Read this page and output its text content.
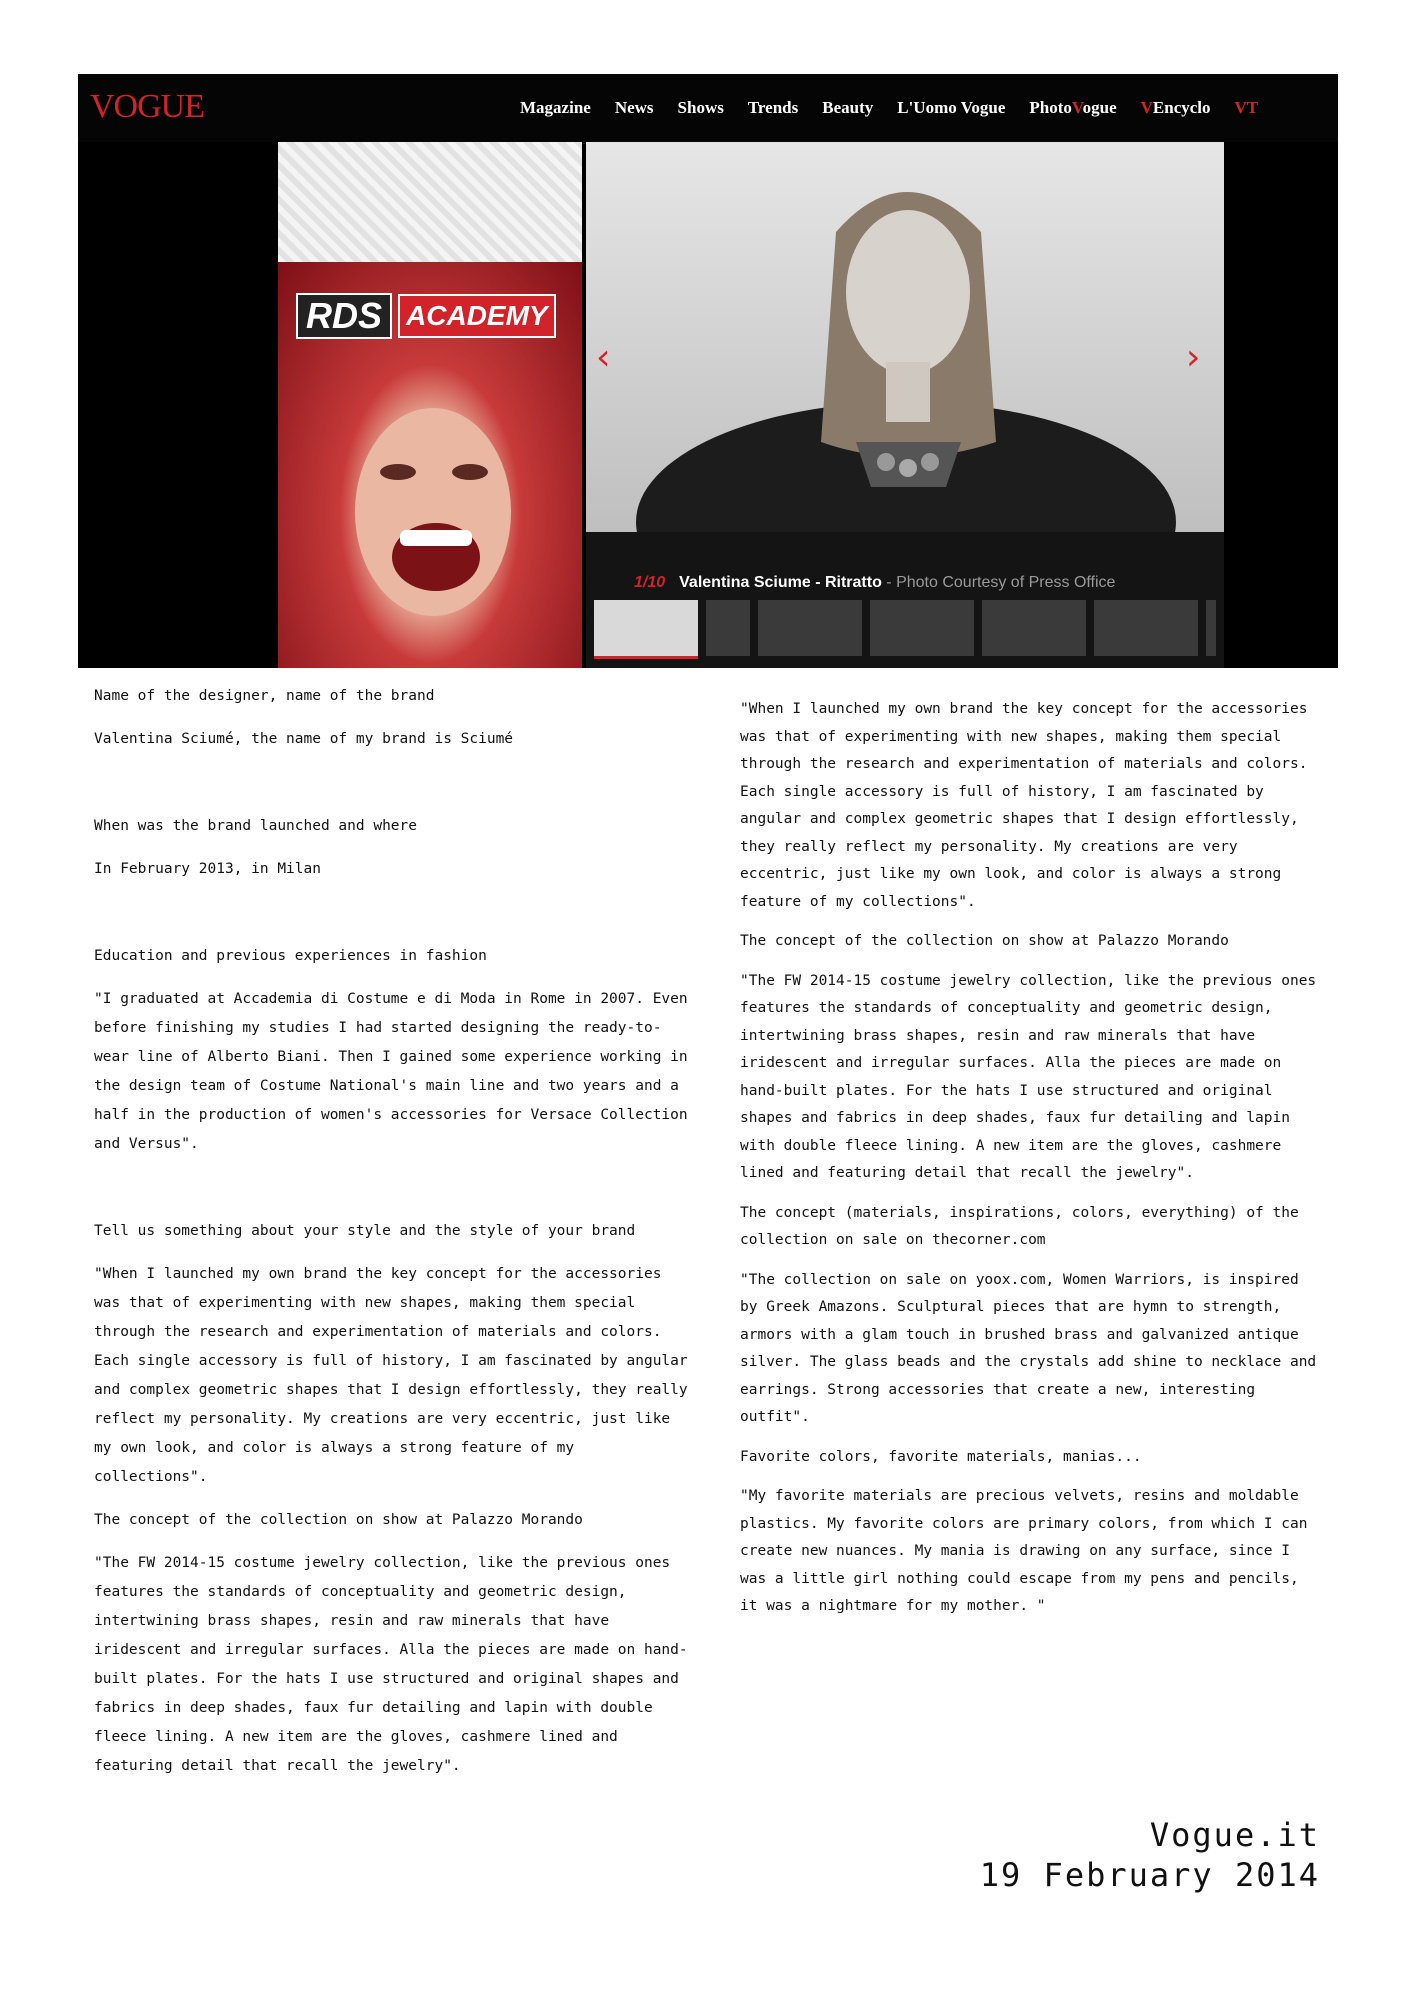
VOGUE	Magazine News Shows Trends Beauty L'Uomo Vogue PhotoVogue VEncyclo VT
RDS ACADEMY
‹	›
1/10 Valentina Sciume - Ritratto - Photo Courtesy of Press Office

Name of the designer, name of the brand

Valentina Sciumé, the name of my brand is Sciumé

When was the brand launched and where

In February 2013, in Milan

Education and previous experiences in fashion

"I graduated at Accademia di Costume e di Moda in Rome in 2007. Even before finishing my studies I had started designing the ready-to-wear line of Alberto Biani. Then I gained some experience working in the design team of Costume National's main line and two years and a half in the production of women's accessories for Versace Collection and Versus".

Tell us something about your style and the style of your brand

"When I launched my own brand the key concept for the accessories was that of experimenting with new shapes, making them special through the research and experimentation of materials and colors. Each single accessory is full of history, I am fascinated by angular and complex geometric shapes that I design effortlessly, they really reflect my personality. My creations are very eccentric, just like my own look, and color is always a strong feature of my collections".

The concept of the collection on show at Palazzo Morando

"The FW 2014-15 costume jewelry collection, like the previous ones features the standards of conceptuality and geometric design, intertwining brass shapes, resin and raw minerals that have iridescent and irregular surfaces. Alla the pieces are made on hand-built plates. For the hats I use structured and original shapes and fabrics in deep shades, faux fur detailing and lapin with double fleece lining. A new item are the gloves, cashmere lined and featuring detail that recall the jewelry".

"When I launched my own brand the key concept for the accessories was that of experimenting with new shapes, making them special through the research and experimentation of materials and colors. Each single accessory is full of history, I am fascinated by angular and complex geometric shapes that I design effortlessly, they really reflect my personality. My creations are very eccentric, just like my own look, and color is always a strong feature of my collections".

The concept of the collection on show at Palazzo Morando

"The FW 2014-15 costume jewelry collection, like the previous ones features the standards of conceptuality and geometric design, intertwining brass shapes, resin and raw minerals that have iridescent and irregular surfaces. Alla the pieces are made on hand-built plates. For the hats I use structured and original shapes and fabrics in deep shades, faux fur detailing and lapin with double fleece lining. A new item are the gloves, cashmere lined and featuring detail that recall the jewelry".

The concept (materials, inspirations, colors, everything) of the collection on sale on thecorner.com

"The collection on sale on yoox.com, Women Warriors, is inspired by Greek Amazons. Sculptural pieces that are hymn to strength, armors with a glam touch in brushed brass and galvanized antique silver. The glass beads and the crystals add shine to necklace and earrings. Strong accessories that create a new, interesting outfit".

Favorite colors, favorite materials, manias...

"My favorite materials are precious velvets, resins and moldable plastics. My favorite colors are primary colors, from which I can create new nuances. My mania is drawing on any surface, since I was a little girl nothing could escape from my pens and pencils, it was a nightmare for my mother. "

Vogue.it
19 February 2014
